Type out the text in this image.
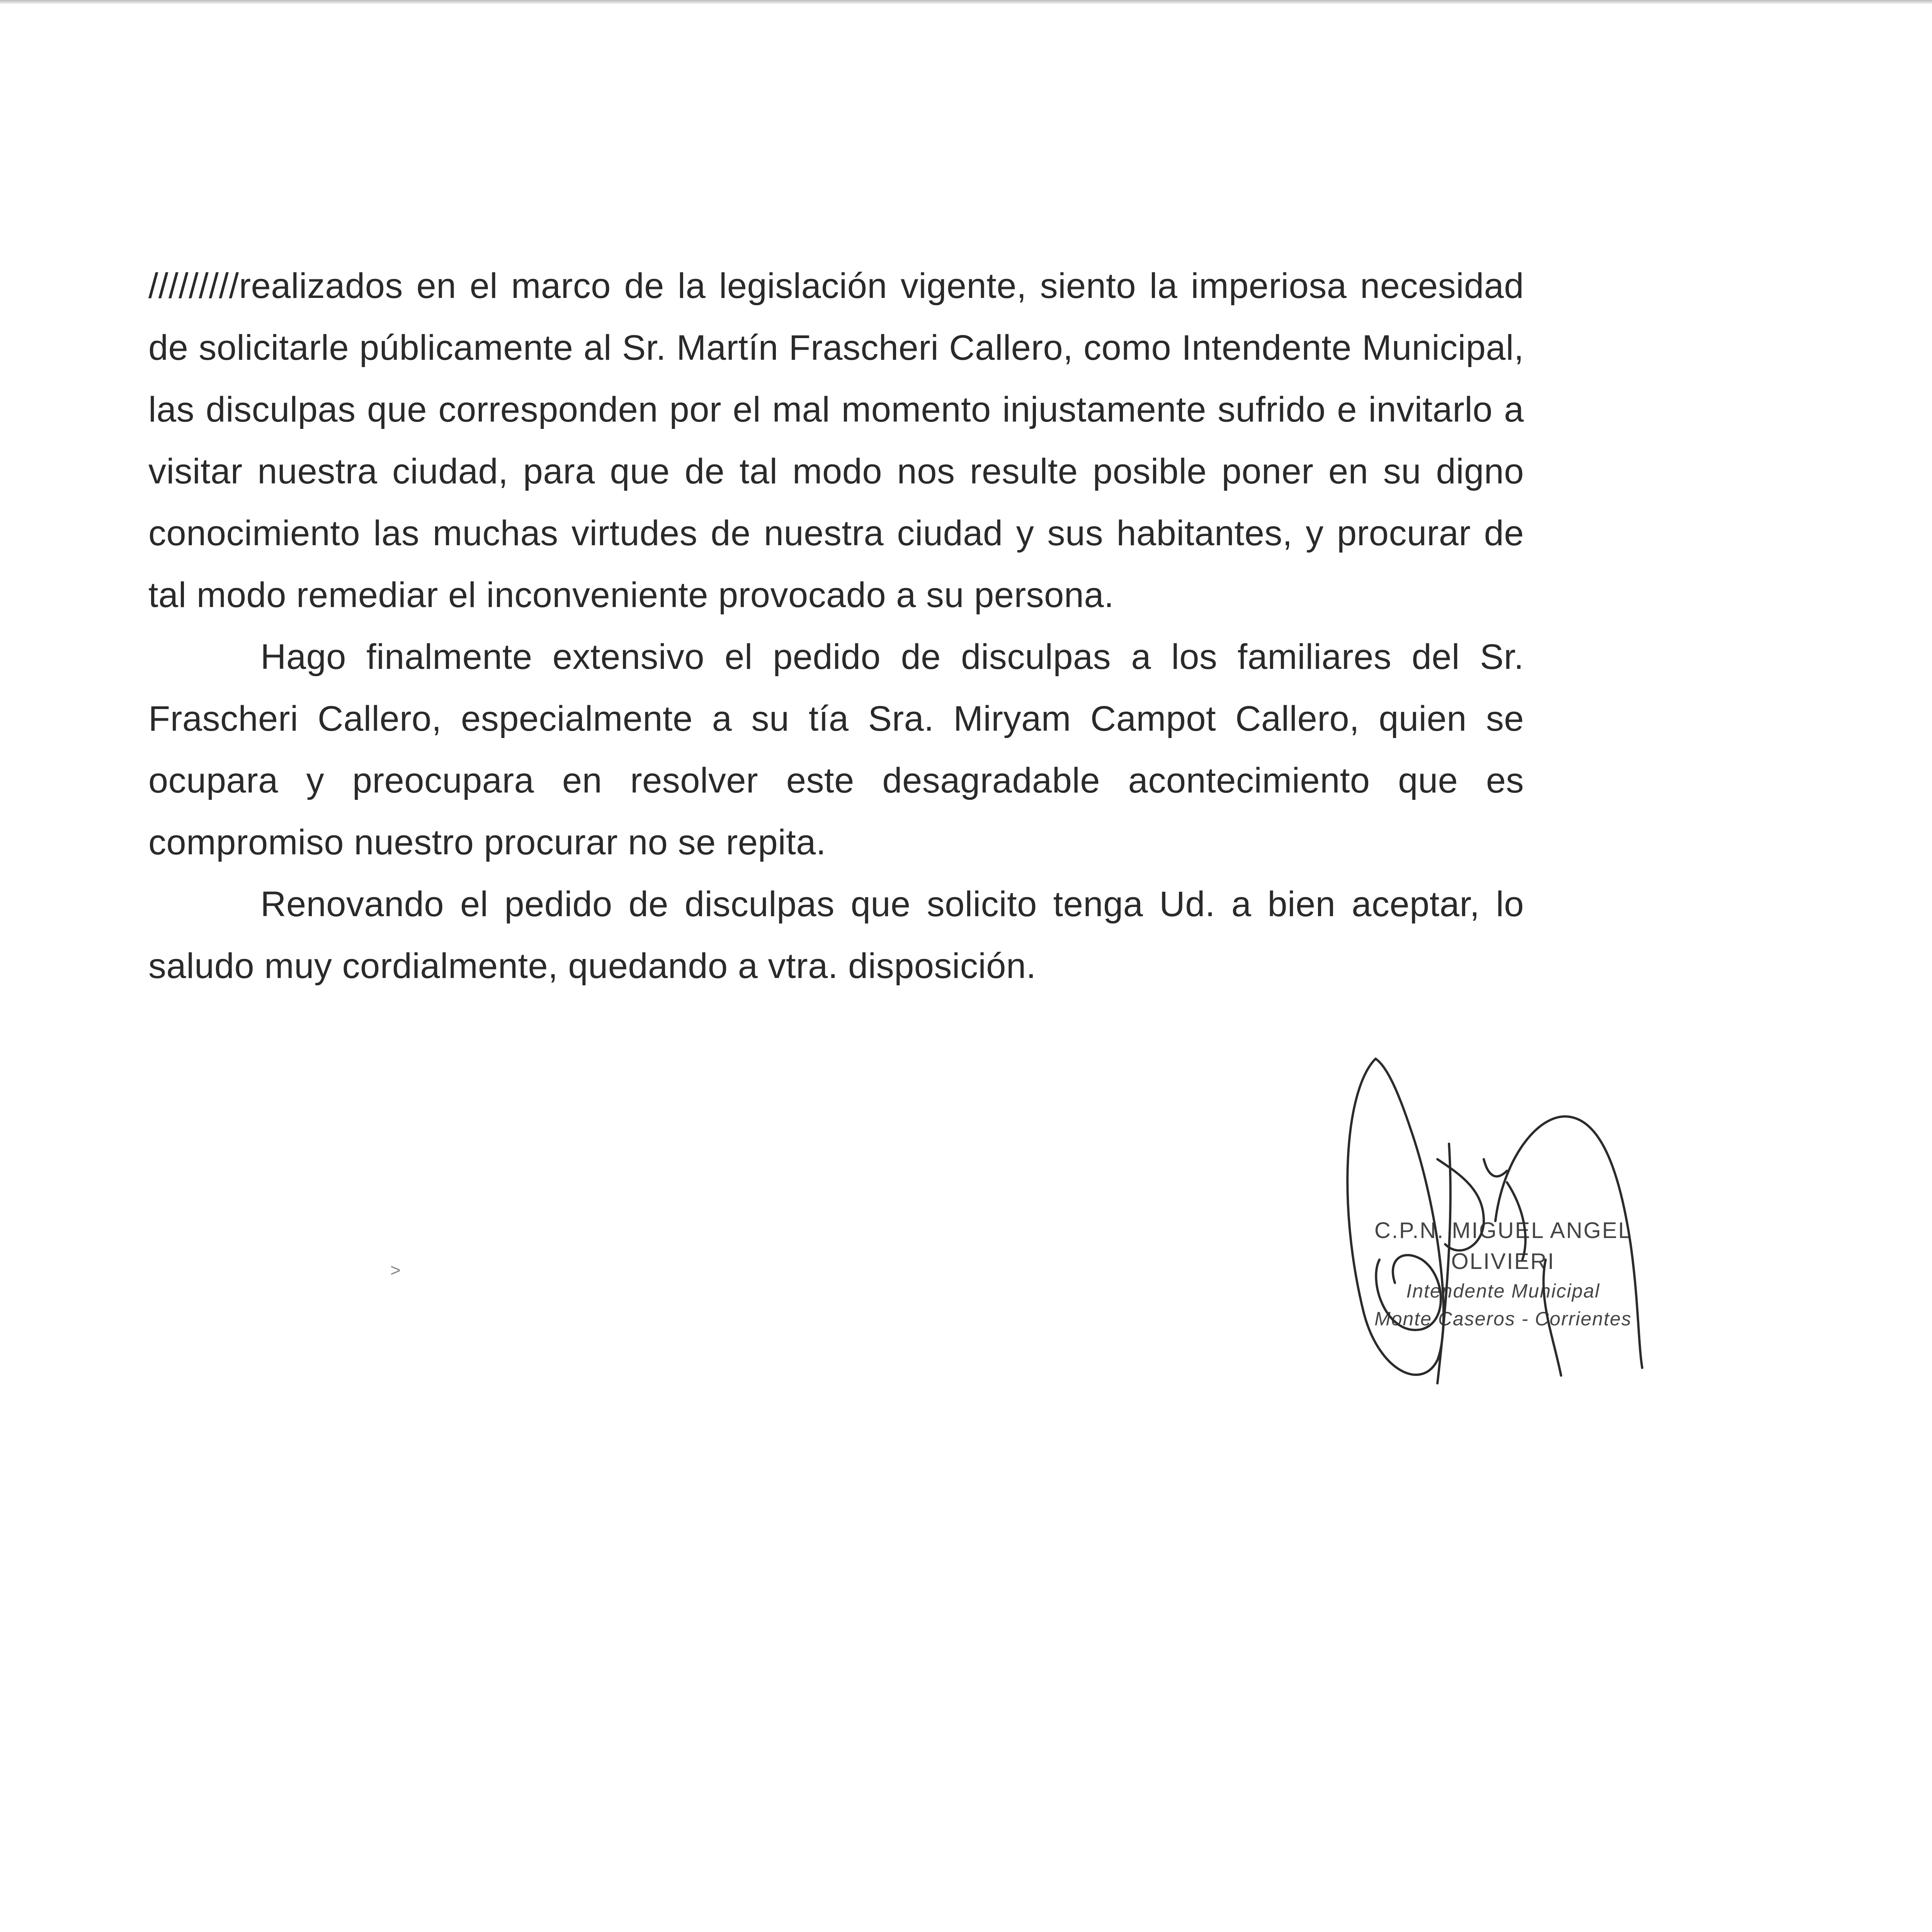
/////////realizados en el marco de la legislación vigente, siento la imperiosa necesidad de solicitarle públicamente al Sr. Martín Frascheri Callero, como Intendente Municipal, las disculpas que corresponden por el mal momento injustamente sufrido e invitarlo a visitar nuestra ciudad, para que de tal modo nos resulte posible poner en su digno conocimiento las muchas virtudes de nuestra ciudad y sus habitantes, y procurar de tal modo remediar el inconveniente provocado a su persona.

Hago finalmente extensivo el pedido de disculpas a los familiares del Sr. Frascheri Callero, especialmente a su tía Sra. Miryam Campot Callero, quien se ocupara y preocupara en resolver este desagradable acontecimiento que es compromiso nuestro procurar no se repita.

Renovando el pedido de disculpas que solicito tenga Ud. a bien aceptar, lo saludo muy cordialmente, quedando a vtra. disposición.

C.P.N. MIGUEL ANGEL OLIVIERI
Intendente Municipal
Monte Caseros - Corrientes
˃
